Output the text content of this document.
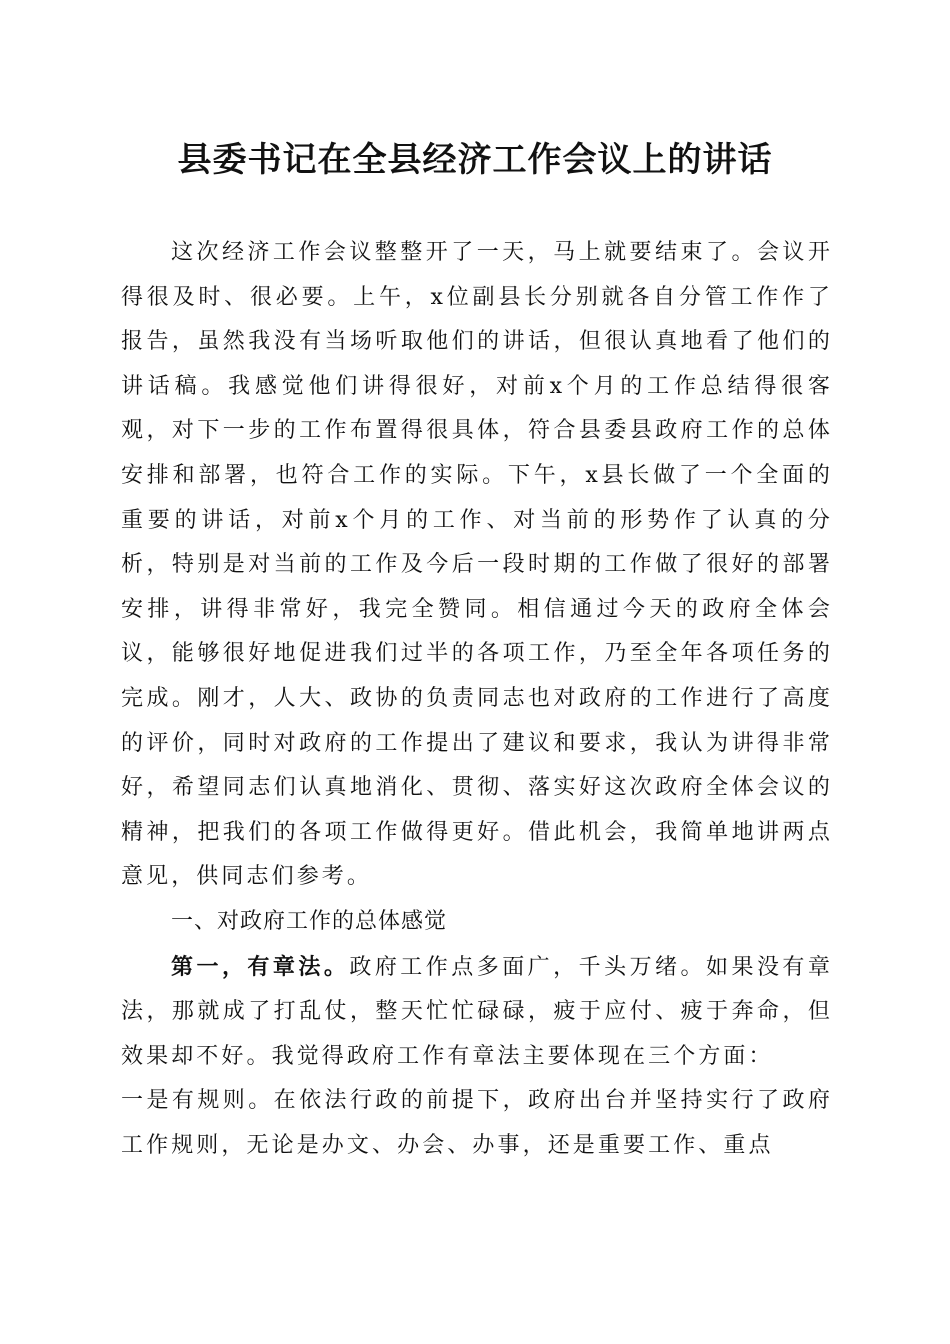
县委书记在全县经济工作会议上的讲话

这次经济工作会议整整开了一天，马上就要结束了。会议开得很及时、很必要。上午，x位副县长分别就各自分管工作作了报告，虽然我没有当场听取他们的讲话，但很认真地看了他们的讲话稿。我感觉他们讲得很好，对前x个月的工作总结得很客观，对下一步的工作布置得很具体，符合县委县政府工作的总体安排和部署，也符合工作的实际。下午，x县长做了一个全面的重要的讲话，对前x个月的工作、对当前的形势作了认真的分析，特别是对当前的工作及今后一段时期的工作做了很好的部署安排，讲得非常好，我完全赞同。相信通过今天的政府全体会议，能够很好地促进我们过半的各项工作，乃至全年各项任务的完成。刚才，人大、政协的负责同志也对政府的工作进行了高度的评价，同时对政府的工作提出了建议和要求，我认为讲得非常好，希望同志们认真地消化、贯彻、落实好这次政府全体会议的精神，把我们的各项工作做得更好。借此机会，我简单地讲两点意见，供同志们参考。

一、对政府工作的总体感觉

第一，有章法。政府工作点多面广，千头万绪。如果没有章法，那就成了打乱仗，整天忙忙碌碌，疲于应付、疲于奔命，但效果却不好。我觉得政府工作有章法主要体现在三个方面：

一是有规则。在依法行政的前提下，政府出台并坚持实行了政府工作规则，无论是办文、办会、办事，还是重要工作、重点
